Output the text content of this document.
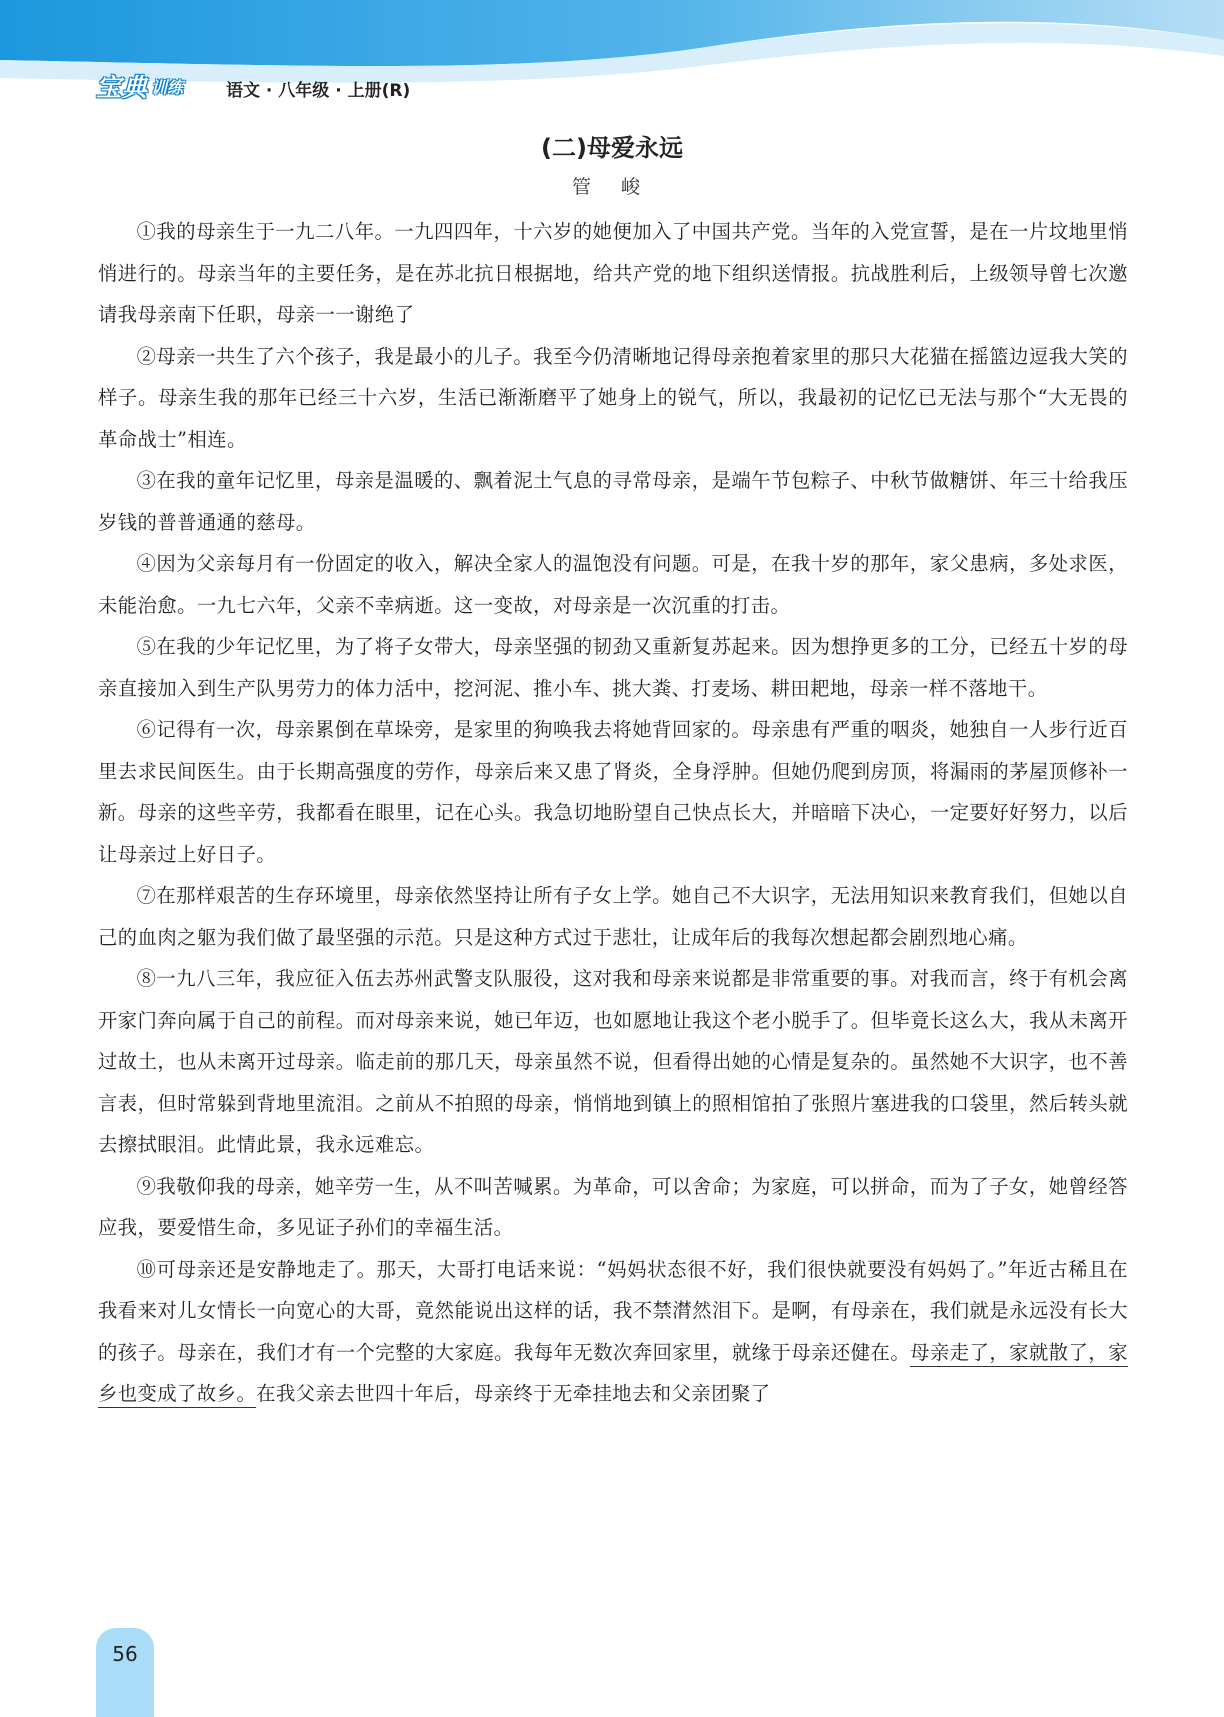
宝典 训练	语文 · 八年级 · 上册(R)
(二)母爱永远
管 峻

①我的母亲生于一九二八年。一九四四年，十六岁的她便加入了中国共产党。当年的入党宣誓，是在一片坟地里悄悄进行的。母亲当年的主要任务，是在苏北抗日根据地，给共产党的地下组织送情报。抗战胜利后，上级领导曾七次邀请我母亲南下任职，母亲一一谢绝了

②母亲一共生了六个孩子，我是最小的儿子。我至今仍清晰地记得母亲抱着家里的那只大花猫在摇篮边逗我大笑的样子。母亲生我的那年已经三十六岁，生活已渐渐磨平了她身上的锐气，所以，我最初的记忆已无法与那个“大无畏的革命战士”相连。

③在我的童年记忆里，母亲是温暖的、飘着泥土气息的寻常母亲，是端午节包粽子、中秋节做糖饼、年三十给我压岁钱的普普通通的慈母。

④因为父亲每月有一份固定的收入，解决全家人的温饱没有问题。可是，在我十岁的那年，家父患病，多处求医，未能治愈。一九七六年，父亲不幸病逝。这一变故，对母亲是一次沉重的打击。

⑤在我的少年记忆里，为了将子女带大，母亲坚强的韧劲又重新复苏起来。因为想挣更多的工分，已经五十岁的母亲直接加入到生产队男劳力的体力活中，挖河泥、推小车、挑大粪、打麦场、耕田耙地，母亲一样不落地干。

⑥记得有一次，母亲累倒在草垛旁，是家里的狗唤我去将她背回家的。母亲患有严重的咽炎，她独自一人步行近百里去求民间医生。由于长期高强度的劳作，母亲后来又患了肾炎，全身浮肿。但她仍爬到房顶，将漏雨的茅屋顶修补一新。母亲的这些辛劳，我都看在眼里，记在心头。我急切地盼望自己快点长大，并暗暗下决心，一定要好好努力，以后让母亲过上好日子。

⑦在那样艰苦的生存环境里，母亲依然坚持让所有子女上学。她自己不大识字，无法用知识来教育我们，但她以自己的血肉之躯为我们做了最坚强的示范。只是这种方式过于悲壮，让成年后的我每次想起都会剧烈地心痛。

⑧一九八三年，我应征入伍去苏州武警支队服役，这对我和母亲来说都是非常重要的事。对我而言，终于有机会离开家门奔向属于自己的前程。而对母亲来说，她已年迈，也如愿地让我这个老小脱手了。但毕竟长这么大，我从未离开过故土，也从未离开过母亲。临走前的那几天，母亲虽然不说，但看得出她的心情是复杂的。虽然她不大识字，也不善言表，但时常躲到背地里流泪。之前从不拍照的母亲，悄悄地到镇上的照相馆拍了张照片塞进我的口袋里，然后转头就去擦拭眼泪。此情此景，我永远难忘。

⑨我敬仰我的母亲，她辛劳一生，从不叫苦喊累。为革命，可以舍命；为家庭，可以拼命，而为了子女，她曾经答应我，要爱惜生命，多见证子孙们的幸福生活。

⑩可母亲还是安静地走了。那天，大哥打电话来说：“妈妈状态很不好，我们很快就要没有妈妈了。”年近古稀且在我看来对儿女情长一向宽心的大哥，竟然能说出这样的话，我不禁潸然泪下。是啊，有母亲在，我们就是永远没有长大的孩子。母亲在，我们才有一个完整的大家庭。我每年无数次奔回家里，就缘于母亲还健在。母亲走了，家就散了，家乡也变成了故乡。在我父亲去世四十年后，母亲终于无牵挂地去和父亲团聚了

56
